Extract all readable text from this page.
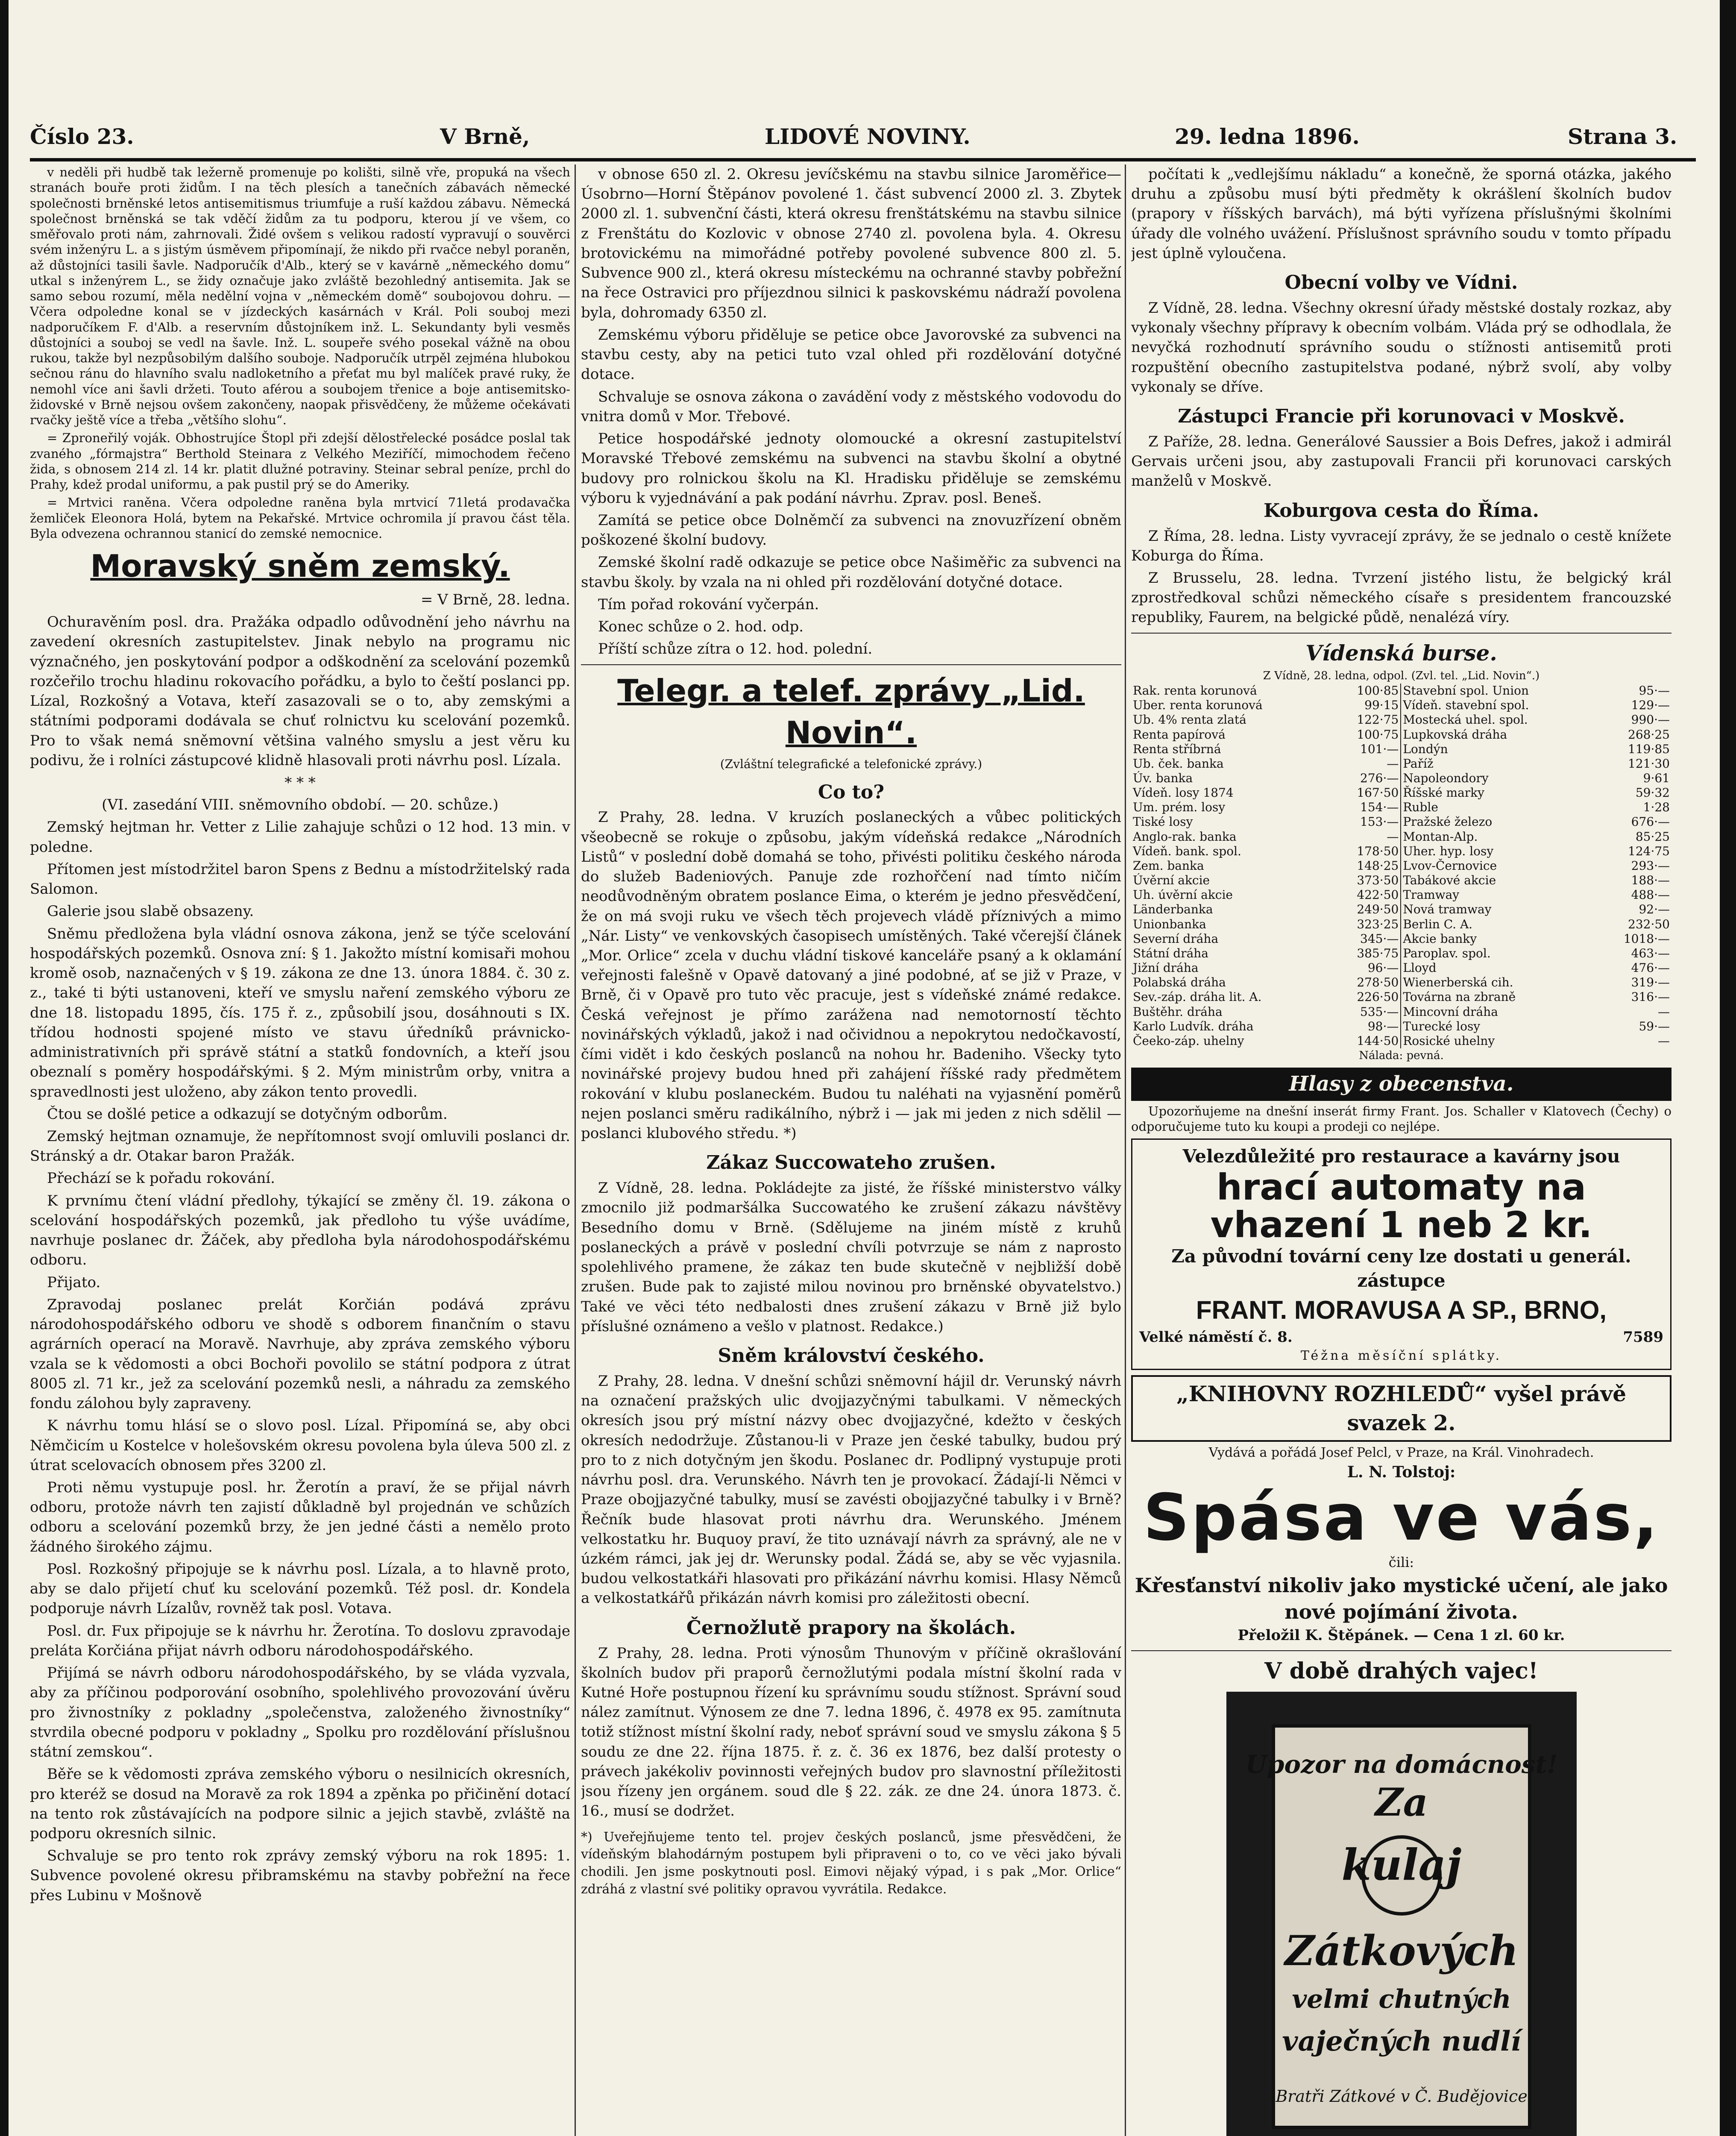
Číslo 23.	V Brně,	LIDOVÉ NOVINY.	29. ledna 1896.	Strana 3.

v neděli při hudbě tak ležerně promenuje po kolišti, silně vře, propuká na všech stranách bouře proti židům. I na těch plesích a tanečních zábavách německé společnosti brněnské letos antisemitismus triumfuje a ruší každou zábavu. Německá společnost brněnská se tak vděčí židům za tu podporu, kterou jí ve všem, co směřovalo proti nám, zahrnovali. Židé ovšem s velikou radostí vypravují o souvěrci svém inženýru L. a s jistým úsměvem připomínají, že nikdo při rvačce nebyl poraněn, až důstojníci tasili šavle. Nadporučík d'Alb., který se v kavárně „německého domu“ utkal s inženýrem L., se židy označuje jako zvláště bezohledný antisemita. Jak se samo sebou rozumí, měla nedělní vojna v „německém domě“ soubojovou dohru. — Včera odpoledne konal se v jízdeckých kasárnách v Král. Poli souboj mezi nadporučíkem F. d'Alb. a reservním důstojníkem inž. L. Sekundanty byli vesměs důstojníci a souboj se vedl na šavle. Inž. L. soupeře svého posekal vážně na obou rukou, takže byl nezpůsobilým dalšího souboje. Nadporučík utrpěl zejména hlubokou sečnou ránu do hlavního svalu nadloketního a přeťat mu byl malíček pravé ruky, že nemohl více ani šavli držeti. Touto aférou a soubojem třenice a boje antisemitsko-židovské v Brně nejsou ovšem zakončeny, naopak přisvědčeny, že můžeme očekávati rvačky ještě více a třeba „většího slohu“.

= Zproneřilý voják. Obhostrujíce Štopl při zdejší dělostřelecké posádce poslal tak zvaného „fórmajstra“ Berthold Steinara z Velkého Meziříčí, mimochodem řečeno žida, s obnosem 214 zl. 14 kr. platit dlužné potraviny. Steinar sebral peníze, prchl do Prahy, kdež prodal uniformu, a pak pustil prý se do Ameriky.

= Mrtvici raněna. Včera odpoledne raněna byla mrtvicí 71letá prodavačka žemliček Eleonora Holá, bytem na Pekařské. Mrtvice ochromila jí pravou část těla. Byla odvezena ochrannou stanicí do zemské nemocnice.

Moravský sněm zemský.
= V Brně, 28. ledna.

Ochuravěním posl. dra. Pražáka odpadlo odůvodnění jeho návrhu na zavedení okresních zastupitelstev. Jinak nebylo na programu nic význačného, jen poskytování podpor a odškodnění za scelování pozemků rozčeřilo trochu hladinu rokovacího pořádku, a bylo to čeští poslanci pp. Lízal, Rozkošný a Votava, kteří zasazovali se o to, aby zemskými a státními podporami dodávala se chuť rolnictvu ku scelování pozemků. Pro to však nemá sněmovní většina valného smyslu a jest věru ku podivu, že i rolníci zástupcové klidně hlasovali proti návrhu posl. Lízala.

* * *

(VI. zasedání VIII. sněmovního období. — 20. schůze.)

Zemský hejtman hr. Vetter z Lilie zahajuje schůzi o 12 hod. 13 min. v poledne.

Přítomen jest místodržitel baron Spens z Bednu a místodržitelský rada Salomon.

Galerie jsou slabě obsazeny.

Sněmu předložena byla vládní osnova zákona, jenž se týče scelování hospodářských pozemků. Osnova zní: § 1. Jakožto místní komisaři mohou kromě osob, naznačených v § 19. zákona ze dne 13. února 1884. č. 30 z. z., také ti býti ustanoveni, kteří ve smyslu naření zemského výboru ze dne 18. listopadu 1895, čís. 175 ř. z., způsobilí jsou, dosáhnouti s IX. třídou hodnosti spojené místo ve stavu úředníků právnicko-administrativních při správě státní a statků fondovních, a kteří jsou obeznalí s poměry hospodářskými. § 2. Mým ministrům orby, vnitra a spravedlnosti jest uloženo, aby zákon tento provedli.

Čtou se došlé petice a odkazují se dotyčným odborům.

Zemský hejtman oznamuje, že nepřítomnost svojí omluvili poslanci dr. Stránský a dr. Otakar baron Pražák.

Přechází se k pořadu rokování.

K prvnímu čtení vládní předlohy, týkající se změny čl. 19. zákona o scelování hospodářských pozemků, jak předloho tu výše uvádíme, navrhuje poslanec dr. Žáček, aby předloha byla národohospodářskému odboru.

Přijato.

Zpravodaj poslanec prelát Korčián podává zprávu národohospodářského odboru ve shodě s odborem finančním o stavu agrárních operací na Moravě. Navrhuje, aby zpráva zemského výboru vzala se k vědomosti a obci Bochoři povolilo se státní podpora z útrat 8005 zl. 71 kr., jež za scelování pozemků nesli, a náhradu za zemského fondu zálohou byly zapraveny.

K návrhu tomu hlásí se o slovo posl. Lízal. Připomíná se, aby obci Němčicím u Kostelce v holešovském okresu povolena byla úleva 500 zl. z útrat scelovacích obnosem přes 3200 zl.

Proti němu vystupuje posl. hr. Žerotín a praví, že se přijal návrh odboru, protože návrh ten zajistí důkladně byl projednán ve schůzích odboru a scelování pozemků brzy, že jen jedné části a nemělo proto žádného širokého zájmu.

Posl. Rozkošný připojuje se k návrhu posl. Lízala, a to hlavně proto, aby se dalo přijetí chuť ku scelování pozemků. Též posl. dr. Kondela podporuje návrh Lízalův, rovněž tak posl. Votava.

Posl. dr. Fux připojuje se k návrhu hr. Žerotína. To doslovu zpravodaje preláta Korčiána přijat návrh odboru národohospodářského.

Přijímá se návrh odboru národohospodářského, by se vláda vyzvala, aby za příčinou podporování osobního, spolehlivého provozování úvěru pro živnostníky z pokladny „společenstva, založeného živnostníky“ stvrdila obecné podporu v pokladny „ Spolku pro rozdělování příslušnou státní zemskou“.

Běře se k vědomosti zpráva zemského výboru o nesilnicích okresních, pro kteréž se dosud na Moravě za rok 1894 a zpěnka po přičinění dotací na tento rok zůstávajících na podpore silnic a jejich stavbě, zvláště na podporu okresních silnic.

Schvaluje se pro tento rok zprávy zemský výboru na rok 1895: 1. Subvence povolené okresu přibramskému na stavby pobřežní na řece přes Lubinu v Mošnově

v obnose 650 zl. 2. Okresu jevíčskému na stavbu silnice Jaroměřice—Úsobrno—Horní Štěpánov povolené 1. část subvencí 2000 zl. 3. Zbytek 2000 zl. 1. subvenční části, která okresu frenštátskému na stavbu silnice z Frenštátu do Kozlovic v obnose 2740 zl. povolena byla. 4. Okresu brotovickému na mimořádné potřeby povolené subvence 800 zl. 5. Subvence 900 zl., která okresu místeckému na ochranné stavby pobřežní na řece Ostravici pro příjezdnou silnici k paskovskému nádraží povolena byla, dohromady 6350 zl.

Zemskému výboru přiděluje se petice obce Javorovské za subvenci na stavbu cesty, aby na petici tuto vzal ohled při rozdělování dotyčné dotace.

Schvaluje se osnova zákona o zavádění vody z městského vodovodu do vnitra domů v Mor. Třebové.

Petice hospodářské jednoty olomoucké a okresní zastupitelství Moravské Třebové zemskému na subvenci na stavbu školní a obytné budovy pro rolnickou školu na Kl. Hradisku přiděluje se zemskému výboru k vyjednávání a pak podání návrhu. Zprav. posl. Beneš.

Zamítá se petice obce Dolněmčí za subvenci na znovuzřízení obněm poškozené školní budovy.

Zemské školní radě odkazuje se petice obce Našiměřic za subvenci na stavbu školy. by vzala na ni ohled při rozdělování dotyčné dotace.

Tím pořad rokování vyčerpán.

Konec schůze o 2. hod. odp.

Příští schůze zítra o 12. hod. polední.

Telegr. a telef. zprávy „Lid. Novin“.
(Zvláštní telegrafické a telefonické zprávy.)
Co to?

Z Prahy, 28. ledna. V kruzích poslaneckých a vůbec politických všeobecně se rokuje o způsobu, jakým vídeňská redakce „Národních Listů“ v poslední době domahá se toho, přivésti politiku českého národa do služeb Badeniových. Panuje zde rozhořčení nad tímto ničím neodůvodněným obratem poslance Eima, o kterém je jedno přesvědčení, že on má svoji ruku ve všech těch projevech vládě příznivých a mimo „Nár. Listy“ ve venkovských časopisech umístěných. Také včerejší článek „Mor. Orlice“ zcela v duchu vládní tiskové kanceláře psaný a k oklamání veřejnosti falešně v Opavě datovaný a jiné podobné, ať se již v Praze, v Brně, či v Opavě pro tuto věc pracuje, jest s vídeňské známé redakce. Česká veřejnost je přímo zarážena nad nemotorností těchto novinářských výkladů, jakož i nad očividnou a nepokrytou nedočkavostí, čími vidět i kdo českých poslanců na nohou hr. Badeniho. Všecky tyto novinářské projevy budou hned při zahájení říšské rady předmětem rokování v klubu poslaneckém. Budou tu naléhati na vyjasnění poměrů nejen poslanci směru radikálního, nýbrž i — jak mi jeden z nich sdělil — poslanci klubového středu. *)

Zákaz Succowateho zrušen.

Z Vídně, 28. ledna. Pokládejte za jisté, že říšské ministerstvo války zmocnilo již podmaršálka Succowatého ke zrušení zákazu návštěvy Besedního domu v Brně. (Sdělujeme na jiném místě z kruhů poslaneckých a právě v poslední chvíli potvrzuje se nám z naprosto spolehlivého pramene, že zákaz ten bude skutečně v nejbližší době zrušen. Bude pak to zajisté milou novinou pro brněnské obyvatelstvo.) Také ve věci této nedbalosti dnes zrušení zákazu v Brně již bylo příslušné oznámeno a vešlo v platnost. Redakce.)

Sněm království českého.

Z Prahy, 28. ledna. V dnešní schůzi sněmovní hájil dr. Verunský návrh na označení pražských ulic dvojjazyčnými tabulkami. V německých okresích jsou prý místní názvy obec dvojjazyčné, kdežto v českých okresích nedodržuje. Zůstanou-li v Praze jen české tabulky, budou prý pro to z nich dotyčným jen škodu. Poslanec dr. Podlipný vystupuje proti návrhu posl. dra. Verunského. Návrh ten je provokací. Žádají-li Němci v Praze obojjazyčné tabulky, musí se zavésti obojjazyčné tabulky i v Brně? Řečník bude hlasovat proti návrhu dra. Werunského. Jménem velkostatku hr. Buquoy praví, že tito uznávají návrh za správný, ale ne v úzkém rámci, jak jej dr. Werunsky podal. Žádá se, aby se věc vyjasnila. budou velkostatkáři hlasovati pro přikázání návrhu komisi. Hlasy Němců a velkostatkářů přikázán návrh komisi pro záležitosti obecní.

Černožlutě prapory na školách.

Z Prahy, 28. ledna. Proti výnosům Thunovým v příčině okrašlování školních budov při praporů černožlutými podala místní školní rada v Kutné Hoře postupnou řízení ku správnímu soudu stížnost. Správní soud nález zamítnut. Výnosem ze dne 7. ledna 1896, č. 4978 ex 95. zamítnuta totiž stížnost místní školní rady, neboť správní soud ve smyslu zákona § 5 soudu ze dne 22. října 1875. ř. z. č. 36 ex 1876, bez další protesty o právech jakékoliv povinnosti veřejných budov pro slavnostní příležitosti jsou řízeny jen orgánem. soud dle § 22. zák. ze dne 24. února 1873. č. 16., musí se dodržet.

*) Uveřejňujeme tento tel. projev českých poslanců, jsme přesvědčeni, že vídeňským blahodárným postupem byli připraveni o to, co ve věci jako bývali chodili. Jen jsme poskytnouti posl. Eimovi nějaký výpad, i s pak „Mor. Orlice“ zdráhá z vlastní své politiky opravou vyvrátila. Redakce.

počítati k „vedlejšímu nákladu“ a konečně, že sporná otázka, jakého druhu a způsobu musí býti předměty k okrášlení školních budov (prapory v říšských barvách), má býti vyřízena příslušnými školními úřady dle volného uvážení. Příslušnost správního soudu v tomto případu jest úplně vyloučena.

Obecní volby ve Vídni.

Z Vídně, 28. ledna. Všechny okresní úřady městské dostaly rozkaz, aby vykonaly všechny přípravy k obecním volbám. Vláda prý se odhodlala, že nevyčká rozhodnutí správního soudu o stížnosti antisemitů proti rozpuštění obecního zastupitelstva podané, nýbrž svolí, aby volby vykonaly se dříve.

Zástupci Francie při korunovaci v Moskvě.

Z Paříže, 28. ledna. Generálové Saussier a Bois Defres, jakož i admirál Gervais určeni jsou, aby zastupovali Francii při korunovaci carských manželů v Moskvě.

Koburgova cesta do Říma.

Z Říma, 28. ledna. Listy vyvracejí zprávy, že se jednalo o cestě knížete Koburga do Říma.

Z Brusselu, 28. ledna. Tvrzení jistého listu, že belgický král zprostředkoval schůzi německého císaře s presidentem francouzské republiky, Faurem, na belgické půdě, nenalézá víry.

Vídenská burse.
Z Vídně, 28. ledna, odpol. (Zvl. tel. „Lid. Novin“.)
Rak. renta korunová	100·85	Stavební spol. Union	95·—
Uber. renta korunová	99·15	Vídeň. stavební spol.	129·—
Ub. 4% renta zlatá	122·75	Mostecká uhel. spol.	990·—
Renta papírová	100·75	Lupkovská dráha	268·25
Renta stříbrná	101·—	Londýn	119·85
Ub. ček. banka	—	Paříž	121·30
Úv. banka	276·—	Napoleondory	9·61
Vídeň. losy 1874	167·50	Říšské marky	59·32
Um. prém. losy	154·—	Ruble	1·28
Tiské losy	153·—	Pražské železo	676·—
Anglo-rak. banka	—	Montan-Alp.	85·25
Vídeň. bank. spol.	178·50	Uher. hyp. losy	124·75
Zem. banka	148·25	Lvov-Černovice	293·—
Úvěrní akcie	373·50	Tabákové akcie	188·—
Uh. úvěrní akcie	422·50	Tramway	488·—
Länderbanka	249·50	Nová tramway	92·—
Unionbanka	323·25	Berlin C. A.	232·50
Severní dráha	345·—	Akcie banky	1018·—
Státní dráha	385·75	Paroplav. spol.	463·—
Jižní dráha	96·—	Lloyd	476·—
Polabská dráha	278·50	Wienerberská cih.	319·—
Sev.-záp. dráha lit. A.	226·50	Továrna na zbraně	316·—
Buštěhr. dráha	535·—	Mincovní dráha	—
Karlo Ludvík. dráha	98·—	Turecké losy	59·—
Čeeko-záp. uhelny	144·50	Rosické uhelny	—
Nálada: pevná.
Hlasy z obecenstva.

Upozorňujeme na dnešní inserát firmy Frant. Jos. Schaller v Klatovech (Čechy) o odporučujeme tuto ku koupi a prodeji co nejlépe.

Velezdůležité pro restaurace a kavárny jsou
hrací automaty na vhazení 1 neb 2 kr.
Za původní tovární ceny lze dostati u generál. zástupce
FRANT. MORAVUSA A SP., BRNO,
Velké náměstí č. 8.	7589
Téžna měsíční splátky.
„KNIHOVNY ROZHLEDŮ“ vyšel právě svazek 2.
Vydává a pořádá Josef Pelcl, v Praze, na Král. Vinohradech.
L. N. Tolstoj:
Spása ve vás,
čili:
Křesťanství nikoliv jako mystické učení, ale jako nové pojímání života.
Přeložil K. Štěpánek. — Cena 1 zl. 60 kr.
V době drahých vajec!
Upozor na domácnost!
Za
kulaj
Zátkových
velmi chutných
vaječných nudlí
Bratři Zátkové v Č. Budějovice
